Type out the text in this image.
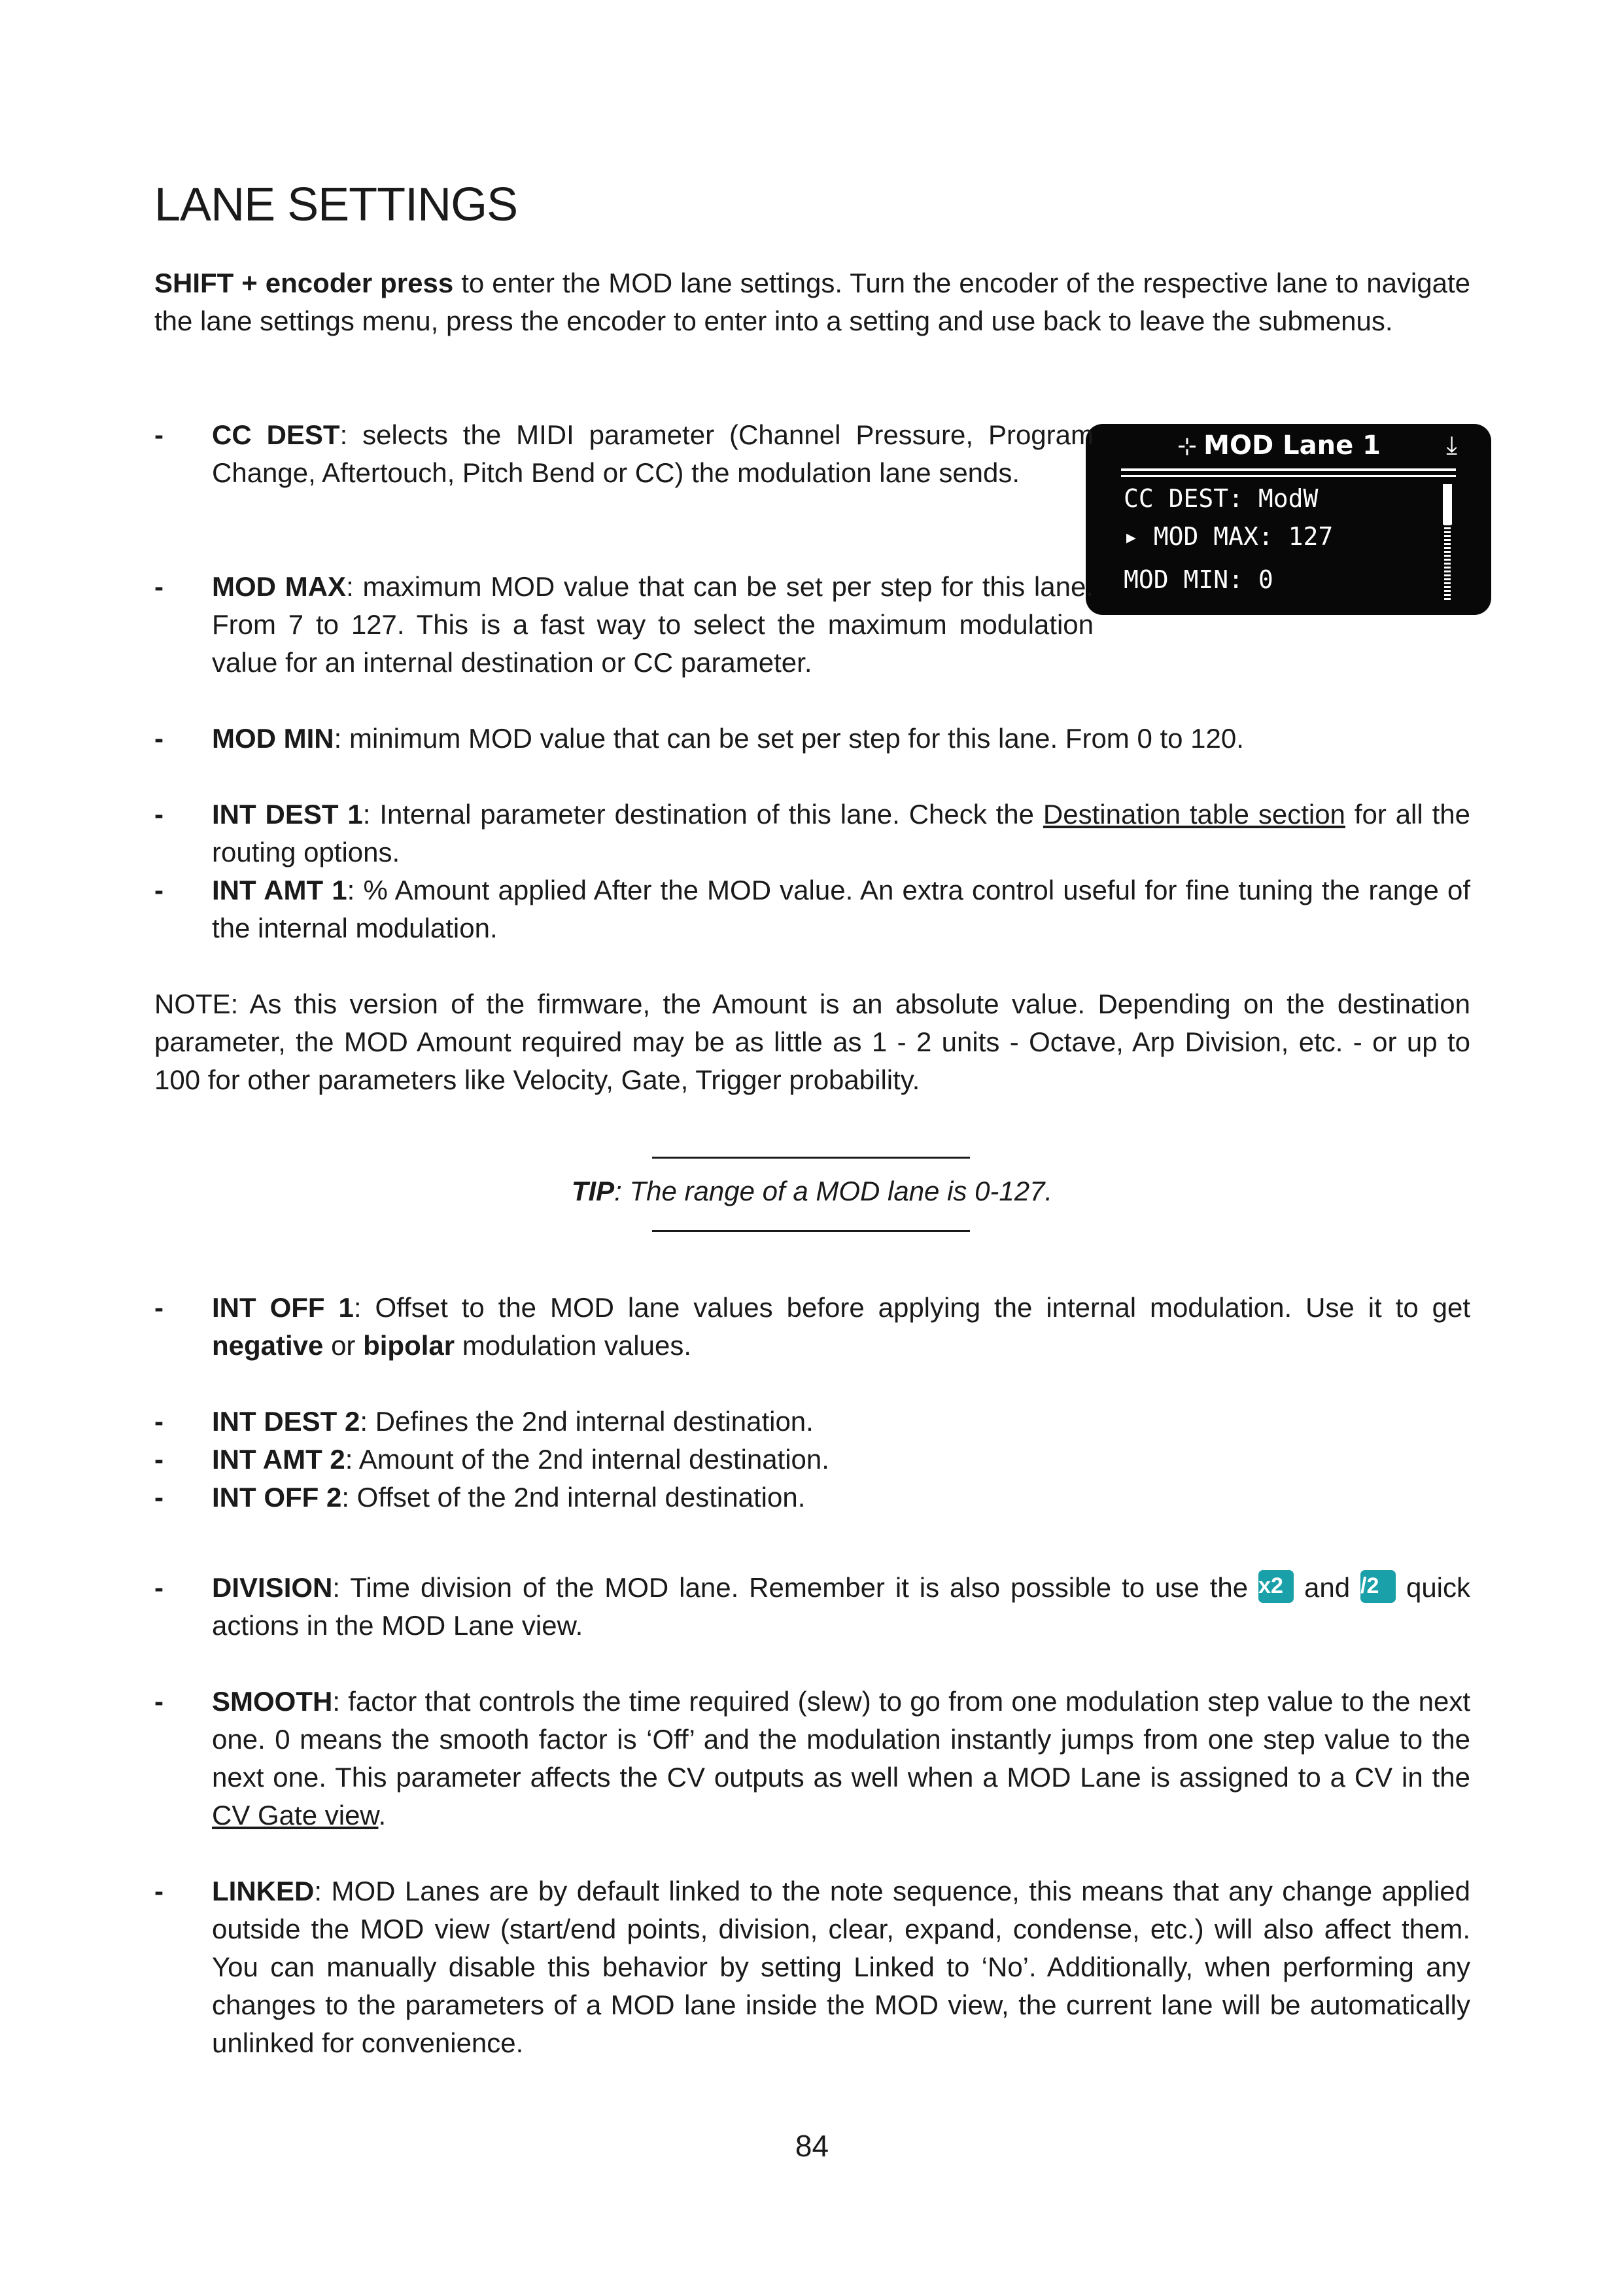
LANE SETTINGS

SHIFT + encoder press to enter the MOD lane settings. Turn the encoder of the respective lane to navigate the lane settings menu, press the encoder to enter into a setting and use back to leave the submenus.

⊹ MOD Lane 1	⤓
CC DEST: ModW
▸ MOD MAX: 127
MOD MIN: 0
- CC DEST: selects the MIDI parameter (Channel Pressure, Program Change, Aftertouch, Pitch Bend or CC) the modulation lane sends.
- MOD MAX: maximum MOD value that can be set per step for this lane. From 7 to 127. This is a fast way to select the maximum modulation value for an internal destination or CC parameter.
- MOD MIN: minimum MOD value that can be set per step for this lane. From 0 to 120.
- INT DEST 1: Internal parameter destination of this lane. Check the Destination table section for all the routing options.
- INT AMT 1: % Amount applied After the MOD value. An extra control useful for fine tuning the range of the internal modulation.

NOTE: As this version of the firmware, the Amount is an absolute value. Depending on the destination parameter, the MOD Amount required may be as little as 1 - 2 units - Octave, Arp Division, etc. - or up to 100 for other parameters like Velocity, Gate, Trigger probability.

TIP: The range of a MOD lane is 0-127.
- INT OFF 1: Offset to the MOD lane values before applying the internal modulation. Use it to get negative or bipolar modulation values.
- INT DEST 2: Defines the 2nd internal destination.
- INT AMT 2: Amount of the 2nd internal destination.
- INT OFF 2: Offset of the 2nd internal destination.
- DIVISION: Time division of the MOD lane. Remember it is also possible to use the x2 and /2 quick actions in the MOD Lane view.
- SMOOTH: factor that controls the time required (slew) to go from one modulation step value to the next one. 0 means the smooth factor is ‘Off’ and the modulation instantly jumps from one step value to the next one. This parameter affects the CV outputs as well when a MOD Lane is assigned to a CV in the CV Gate view.
- LINKED: MOD Lanes are by default linked to the note sequence, this means that any change applied outside the MOD view (start/end points, division, clear, expand, condense, etc.) will also affect them. You can manually disable this behavior by setting Linked to ‘No’. Additionally, when performing any changes to the parameters of a MOD lane inside the MOD view, the current lane will be automatically unlinked for convenience.
84
